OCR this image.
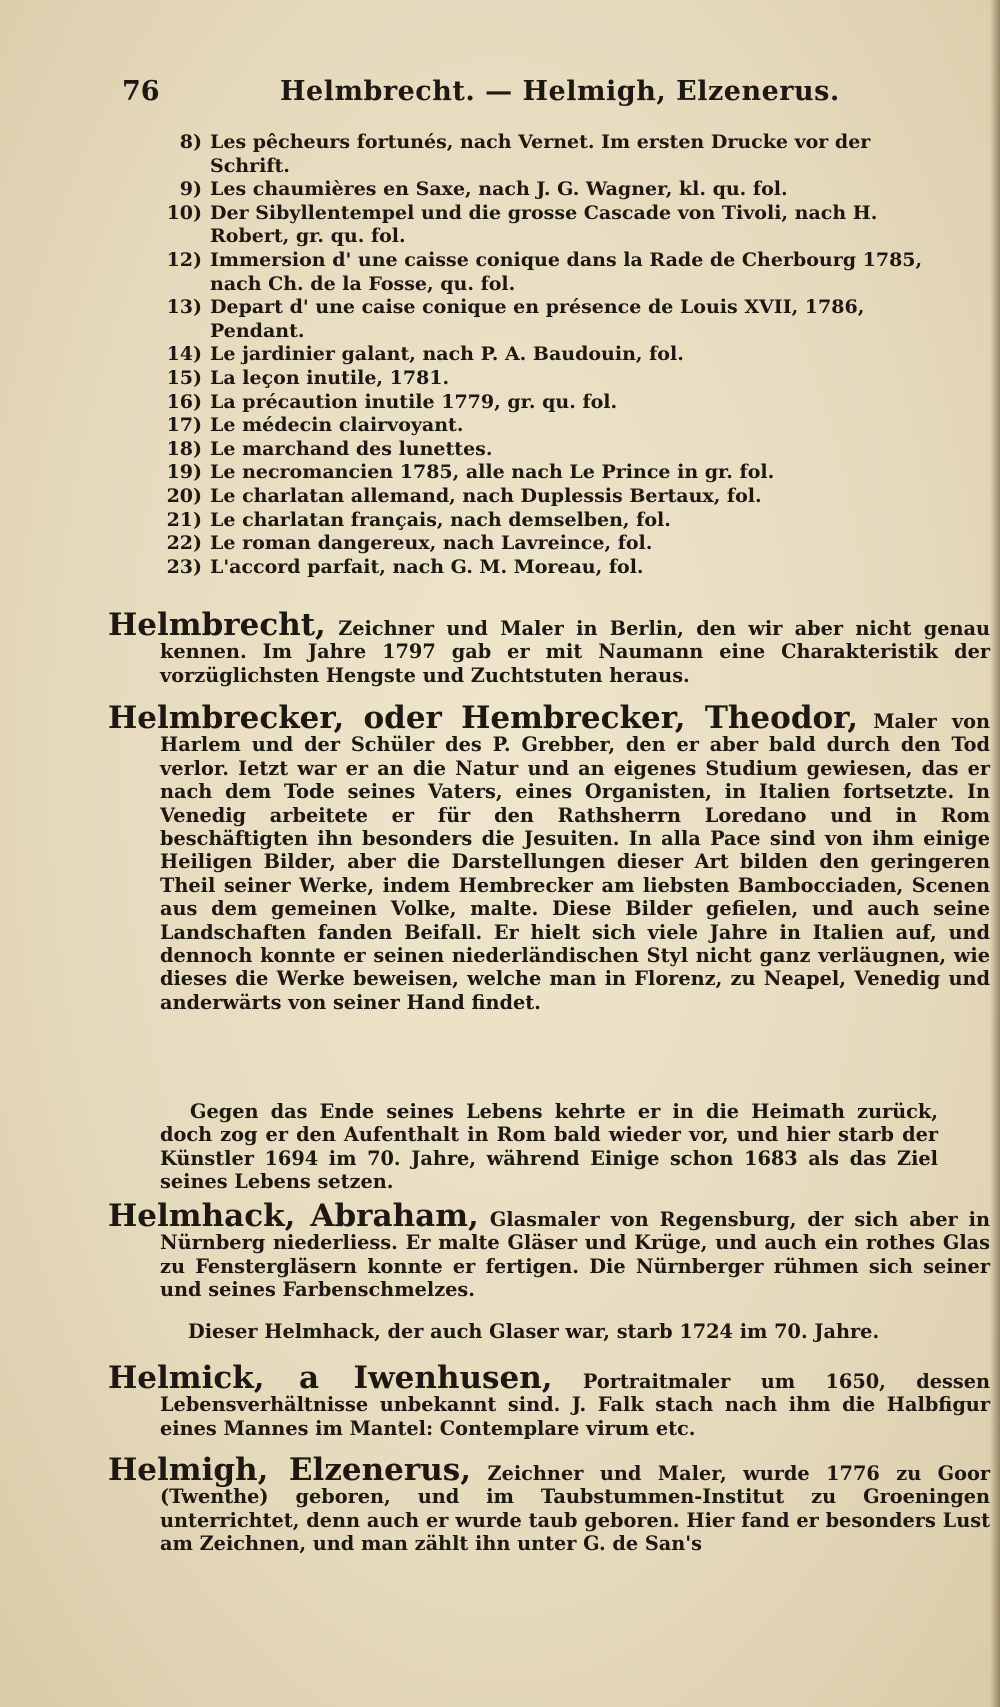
76	Helmbrecht. — Helmigh, Elzenerus.
8) Les pêcheurs fortunés, nach Vernet. Im ersten Drucke vor der Schrift.
9) Les chaumières en Saxe, nach J. G. Wagner, kl. qu. fol.
10) Der Sibyllentempel und die grosse Cascade von Tivoli, nach H. Robert, gr. qu. fol.
12) Immersion d' une caisse conique dans la Rade de Cherbourg 1785, nach Ch. de la Fosse, qu. fol.
13) Depart d' une caise conique en présence de Louis XVII, 1786, Pendant.
14) Le jardinier galant, nach P. A. Baudouin, fol.
15) La leçon inutile, 1781.
16) La précaution inutile 1779, gr. qu. fol.
17) Le médecin clairvoyant.
18) Le marchand des lunettes.
19) Le necromancien 1785, alle nach Le Prince in gr. fol.
20) Le charlatan allemand, nach Duplessis Bertaux, fol.
21) Le charlatan français, nach demselben, fol.
22) Le roman dangereux, nach Lavreince, fol.
23) L'accord parfait, nach G. M. Moreau, fol.
Helmbrecht, Zeichner und Maler in Berlin, den wir aber nicht genau kennen. Im Jahre 1797 gab er mit Naumann eine Charakteristik der vorzüglichsten Hengste und Zuchtstuten heraus.
Helmbrecker, oder Hembrecker, Theodor, Maler von Harlem und der Schüler des P. Grebber, den er aber bald durch den Tod verlor. Ietzt war er an die Natur und an eigenes Studium gewiesen, das er nach dem Tode seines Vaters, eines Organisten, in Italien fortsetzte. In Venedig arbeitete er für den Rathsherrn Loredano und in Rom beschäftigten ihn besonders die Jesuiten. In alla Pace sind von ihm einige Heiligen Bilder, aber die Darstellungen dieser Art bilden den geringeren Theil seiner Werke, indem Hembrecker am liebsten Bambocciaden, Scenen aus dem gemeinen Volke, malte. Diese Bilder gefielen, und auch seine Landschaften fanden Beifall. Er hielt sich viele Jahre in Italien auf, und dennoch konnte er seinen niederländischen Styl nicht ganz verläugnen, wie dieses die Werke beweisen, welche man in Florenz, zu Neapel, Venedig und anderwärts von seiner Hand findet.
Gegen das Ende seines Lebens kehrte er in die Heimath zurück, doch zog er den Aufenthalt in Rom bald wieder vor, und hier starb der Künstler 1694 im 70. Jahre, während Einige schon 1683 als das Ziel seines Lebens setzen.
Helmhack, Abraham, Glasmaler von Regensburg, der sich aber in Nürnberg niederliess. Er malte Gläser und Krüge, und auch ein rothes Glas zu Fenstergläsern konnte er fertigen. Die Nürnberger rühmen sich seiner und seines Farbenschmelzes.
Dieser Helmhack, der auch Glaser war, starb 1724 im 70. Jahre.
Helmick, a Iwenhusen, Portraitmaler um 1650, dessen Lebensverhältnisse unbekannt sind. J. Falk stach nach ihm die Halbfigur eines Mannes im Mantel: Contemplare virum etc.
Helmigh, Elzenerus, Zeichner und Maler, wurde 1776 zu Goor (Twenthe) geboren, und im Taubstummen-Institut zu Groeningen unterrichtet, denn auch er wurde taub geboren. Hier fand er besonders Lust am Zeichnen, und man zählt ihn unter G. de San's
